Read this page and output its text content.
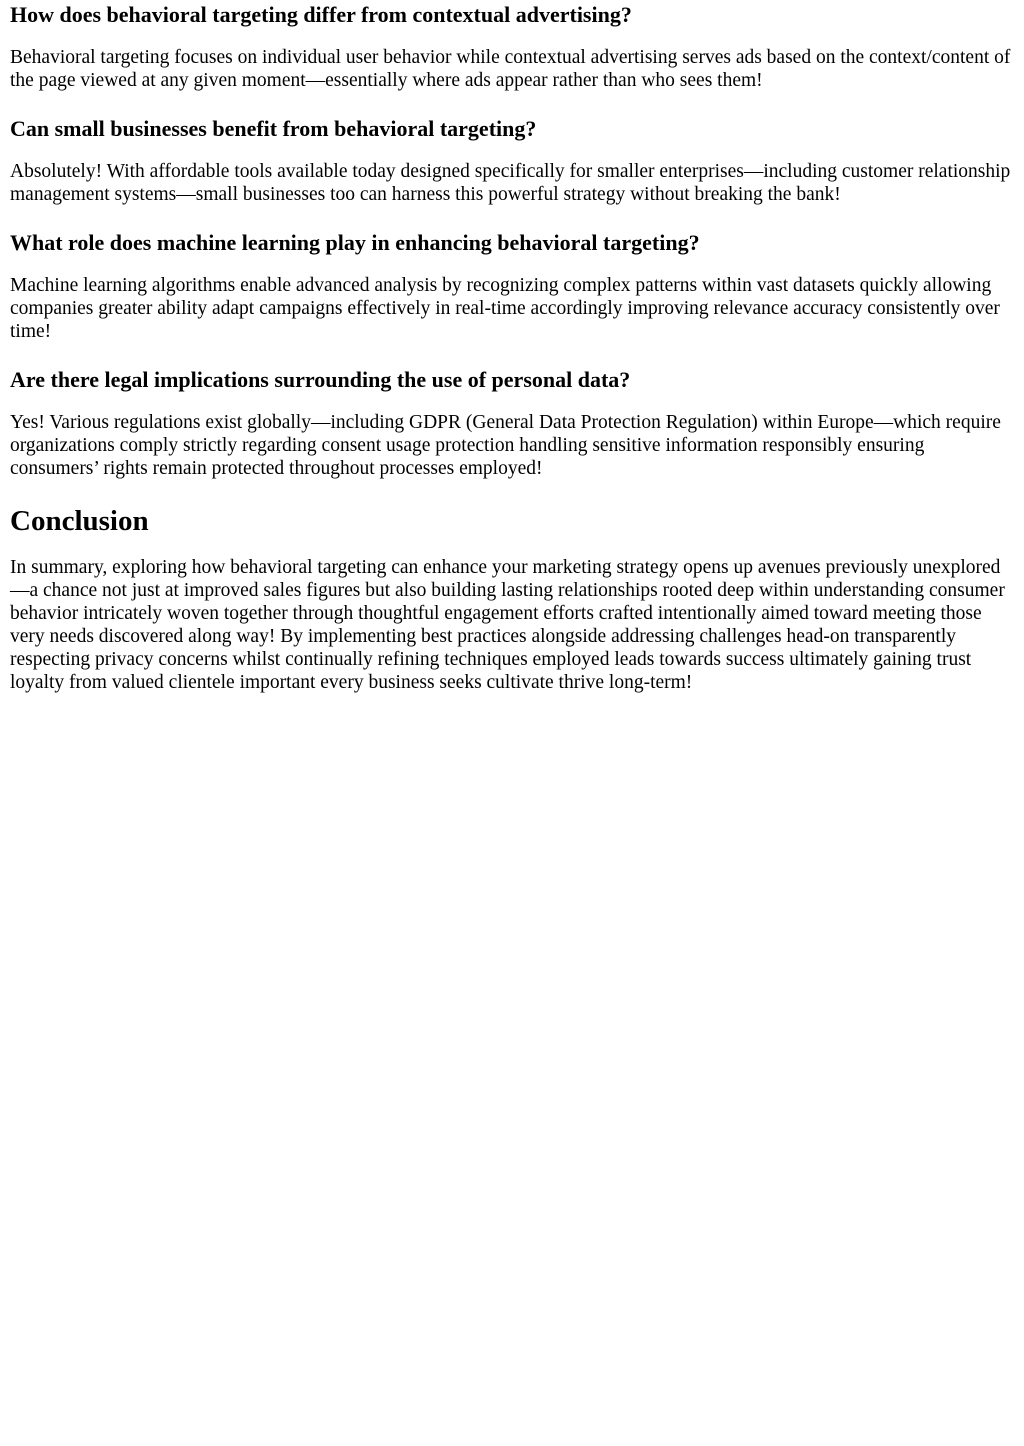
How does behavioral targeting differ from contextual advertising?

Behavioral targeting focuses on individual user behavior while contextual advertising serves ads based on the context/content of the page viewed at any given moment—essentially where ads appear rather than who sees them!

Can small businesses benefit from behavioral targeting?

Absolutely! With affordable tools available today designed specifically for smaller enterprises—including customer relationship management systems—small businesses too can harness this powerful strategy without breaking the bank!

What role does machine learning play in enhancing behavioral targeting?

Machine learning algorithms enable advanced analysis by recognizing complex patterns within vast datasets quickly allowing companies greater ability adapt campaigns effectively in real-time accordingly improving relevance accuracy consistently over time!

Are there legal implications surrounding the use of personal data?

Yes! Various regulations exist globally—including GDPR (General Data Protection Regulation) within Europe—which require organizations comply strictly regarding consent usage protection handling sensitive information responsibly ensuring consumers’ rights remain protected throughout processes employed!

Conclusion

In summary, exploring how behavioral targeting can enhance your marketing strategy opens up avenues previously unexplored—a chance not just at improved sales figures but also building lasting relationships rooted deep within understanding consumer behavior intricately woven together through thoughtful engagement efforts crafted intentionally aimed toward meeting those very needs discovered along way! By implementing best practices alongside addressing challenges head-on transparently respecting privacy concerns whilst continually refining techniques employed leads towards success ultimately gaining trust loyalty from valued clientele important every business seeks cultivate thrive long-term!
